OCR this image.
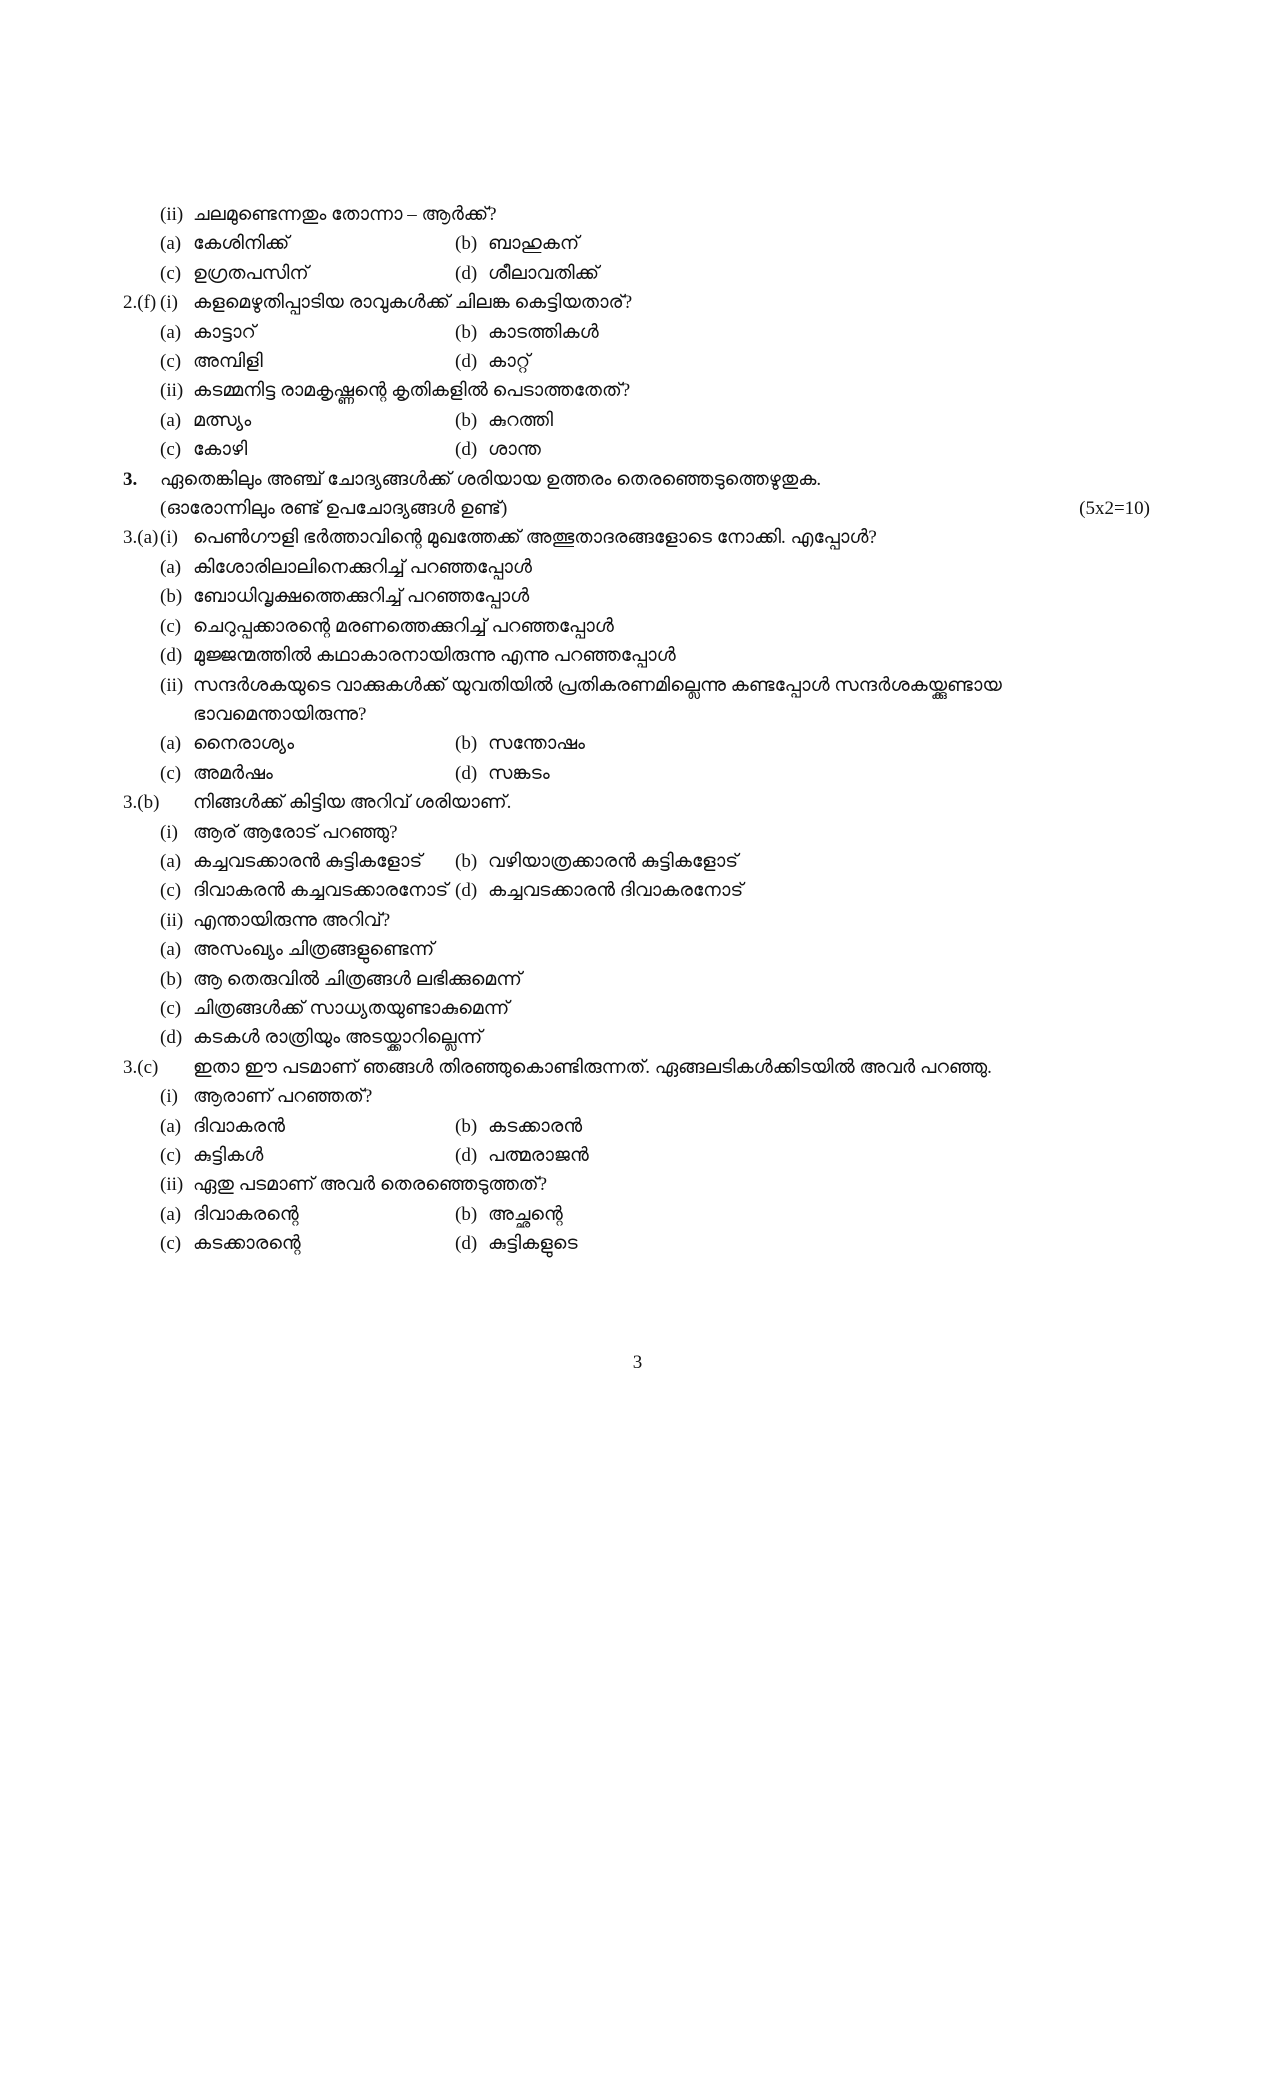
(ii) ചലമുണ്ടെന്നതും തോന്നാ – ആർക്ക്?
(a) കേശിനിക്ക്	(b) ബാഹുകന്
(c) ഉഗ്രതപസിന്	(d) ശീലാവതിക്ക്
2.(f) (i) കളമെഴുതിപ്പാടിയ രാവുകൾക്ക് ചിലങ്ക കെട്ടിയതാര്?
(a) കാട്ടാറ്	(b) കാടത്തികൾ
(c) അമ്പിളി	(d) കാറ്റ്
(ii) കടമ്മനിട്ട രാമകൃഷ്ണന്റെ കൃതികളിൽ പെടാത്തതേത്?
(a) മത്സ്യം	(b) കുറത്തി
(c) കോഴി	(d) ശാന്ത
3.	ഏതെങ്കിലും അഞ്ച് ചോദ്യങ്ങൾക്ക് ശരിയായ ഉത്തരം തെരഞ്ഞെടുത്തെഴുതുക.
(ഓരോന്നിലും രണ്ട് ഉപചോദ്യങ്ങൾ ഉണ്ട്)	(5x2=10)
3.(a) (i) പെൺഗൗളി ഭർത്താവിന്റെ മുഖത്തേക്ക് അത്ഭുതാദരങ്ങളോടെ നോക്കി. എപ്പോൾ?
(a) കിശോരിലാലിനെക്കുറിച്ച് പറഞ്ഞപ്പോൾ
(b) ബോധിവൃക്ഷത്തെക്കുറിച്ച് പറഞ്ഞപ്പോൾ
(c) ചെറുപ്പക്കാരന്റെ മരണത്തെക്കുറിച്ച് പറഞ്ഞപ്പോൾ
(d) മുജ്ജന്മത്തിൽ കഥാകാരനായിരുന്നു എന്നു പറഞ്ഞപ്പോൾ
(ii) സന്ദർശകയുടെ വാക്കുകൾക്ക് യുവതിയിൽ പ്രതികരണമില്ലെന്നു കണ്ടപ്പോൾ സന്ദർശകയ്ക്കുണ്ടായ ഭാവമെന്തായിരുന്നു?
(a) നൈരാശ്യം	(b) സന്തോഷം
(c) അമർഷം	(d) സങ്കടം
3.(b)	നിങ്ങൾക്ക് കിട്ടിയ അറിവ് ശരിയാണ്.
(i) ആര് ആരോട് പറഞ്ഞു?
(a) കച്ചവടക്കാരൻ കുട്ടികളോട്	(b) വഴിയാത്രക്കാരൻ കുട്ടികളോട്
(c) ദിവാകരൻ കച്ചവടക്കാരനോട് (d) കച്ചവടക്കാരൻ ദിവാകരനോട്
(ii) എന്തായിരുന്നു അറിവ്?
(a) അസംഖ്യം ചിത്രങ്ങളുണ്ടെന്ന്
(b) ആ തെരുവിൽ ചിത്രങ്ങൾ ലഭിക്കുമെന്ന്
(c) ചിത്രങ്ങൾക്ക് സാധ്യതയുണ്ടാകുമെന്ന്
(d) കടകൾ രാത്രിയും അടയ്ക്കാറില്ലെന്ന്
3.(c)	ഇതാ ഈ പടമാണ് ഞങ്ങൾ തിരഞ്ഞുകൊണ്ടിരുന്നത്. ഏങ്ങലടികൾക്കിടയിൽ അവർ പറഞ്ഞു.
(i) ആരാണ് പറഞ്ഞത്?
(a) ദിവാകരൻ	(b) കടക്കാരൻ
(c) കുട്ടികൾ	(d) പത്മരാജൻ
(ii) ഏതു പടമാണ് അവർ തെരഞ്ഞെടുത്തത്?
(a) ദിവാകരന്റെ	(b) അച്ഛന്റെ
(c) കടക്കാരന്റെ	(d) കുട്ടികളുടെ
3
